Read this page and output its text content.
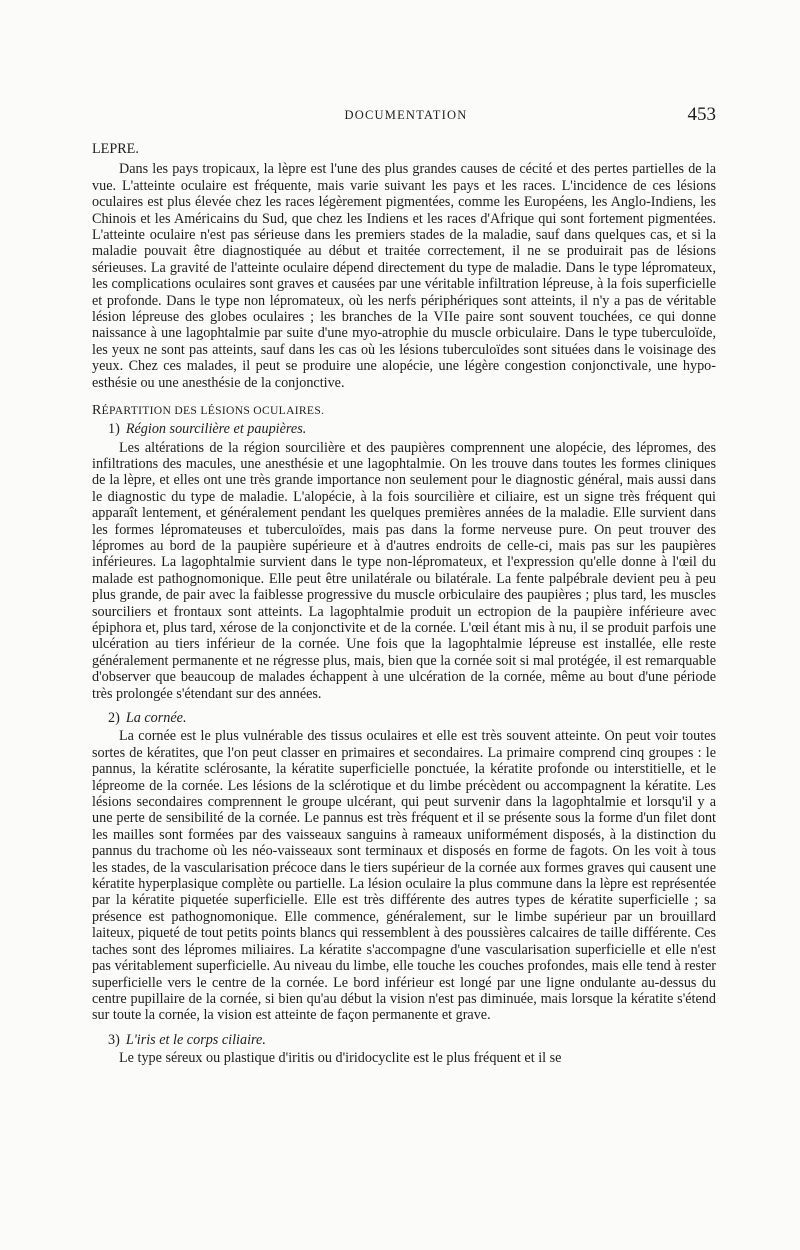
DOCUMENTATION	453
LEPRE.

Dans les pays tropicaux, la lèpre est l'une des plus grandes causes de cécité et des pertes partielles de la vue. L'atteinte oculaire est fréquente, mais varie suivant les pays et les races. L'incidence de ces lésions oculaires est plus élevée chez les races légèrement pigmentées, comme les Européens, les Anglo-Indiens, les Chinois et les Américains du Sud, que chez les Indiens et les races d'Afrique qui sont fortement pigmentées. L'atteinte oculaire n'est pas sérieuse dans les premiers stades de la maladie, sauf dans quelques cas, et si la maladie pouvait être diagnostiquée au début et traitée correctement, il ne se produirait pas de lésions sérieuses. La gravité de l'atteinte oculaire dépend directement du type de maladie. Dans le type lépromateux, les complications oculaires sont graves et causées par une véritable infiltration lépreuse, à la fois superficielle et profonde. Dans le type non lépromateux, où les nerfs périphériques sont atteints, il n'y a pas de véritable lésion lépreuse des globes oculaires ; les branches de la VIIe paire sont souvent touchées, ce qui donne naissance à une lagophtalmie par suite d'une myo-atrophie du muscle orbiculaire. Dans le type tuberculoïde, les yeux ne sont pas atteints, sauf dans les cas où les lésions tuberculoïdes sont situées dans le voisinage des yeux. Chez ces malades, il peut se produire une alopécie, une légère congestion conjonctivale, une hypo-esthésie ou une anesthésie de la conjonctive.

RÉPARTITION DES LÉSIONS OCULAIRES.
1) Région sourcilière et paupières.

Les altérations de la région sourcilière et des paupières comprennent une alopécie, des lépromes, des infiltrations des macules, une anesthésie et une lagophtalmie. On les trouve dans toutes les formes cliniques de la lèpre, et elles ont une très grande importance non seulement pour le diagnostic général, mais aussi dans le diagnostic du type de maladie. L'alopécie, à la fois sourcilière et ciliaire, est un signe très fréquent qui apparaît lentement, et généralement pendant les quelques premières années de la maladie. Elle survient dans les formes lépromateuses et tuberculoïdes, mais pas dans la forme nerveuse pure. On peut trouver des lépromes au bord de la paupière supérieure et à d'autres endroits de celle-ci, mais pas sur les paupières inférieures. La lagophtalmie survient dans le type non-lépromateux, et l'expression qu'elle donne à l'œil du malade est pathognomonique. Elle peut être unilatérale ou bilatérale. La fente palpébrale devient peu à peu plus grande, de pair avec la faiblesse progressive du muscle orbiculaire des paupières ; plus tard, les muscles sourciliers et frontaux sont atteints. La lagophtalmie produit un ectropion de la paupière inférieure avec épiphora et, plus tard, xérose de la conjonctivite et de la cornée. L'œil étant mis à nu, il se produit parfois une ulcération au tiers inférieur de la cornée. Une fois que la lagophtalmie lépreuse est installée, elle reste généralement permanente et ne régresse plus, mais, bien que la cornée soit si mal protégée, il est remarquable d'observer que beaucoup de malades échappent à une ulcération de la cornée, même au bout d'une période très prolongée s'étendant sur des années.

2) La cornée.

La cornée est le plus vulnérable des tissus oculaires et elle est très souvent atteinte. On peut voir toutes sortes de kératites, que l'on peut classer en primaires et secondaires. La primaire comprend cinq groupes : le pannus, la kératite sclérosante, la kératite superficielle ponctuée, la kératite profonde ou interstitielle, et le lépreome de la cornée. Les lésions de la sclérotique et du limbe précèdent ou accompagnent la kératite. Les lésions secondaires comprennent le groupe ulcérant, qui peut survenir dans la lagophtalmie et lorsqu'il y a une perte de sensibilité de la cornée. Le pannus est très fréquent et il se présente sous la forme d'un filet dont les mailles sont formées par des vaisseaux sanguins à rameaux uniformément disposés, à la distinction du pannus du trachome où les néo-vaisseaux sont terminaux et disposés en forme de fagots. On les voit à tous les stades, de la vascularisation précoce dans le tiers supérieur de la cornée aux formes graves qui causent une kératite hyperplasique complète ou partielle. La lésion oculaire la plus commune dans la lèpre est représentée par la kératite piquetée superficielle. Elle est très différente des autres types de kératite superficielle ; sa présence est pathognomonique. Elle commence, généralement, sur le limbe supérieur par un brouillard laiteux, piqueté de tout petits points blancs qui ressemblent à des poussières calcaires de taille différente. Ces taches sont des lépromes miliaires. La kératite s'accompagne d'une vascularisation superficielle et elle n'est pas véritablement superficielle. Au niveau du limbe, elle touche les couches profondes, mais elle tend à rester superficielle vers le centre de la cornée. Le bord inférieur est longé par une ligne ondulante au-dessus du centre pupillaire de la cornée, si bien qu'au début la vision n'est pas diminuée, mais lorsque la kératite s'étend sur toute la cornée, la vision est atteinte de façon permanente et grave.

3) L'iris et le corps ciliaire.

Le type séreux ou plastique d'iritis ou d'iridocyclite est le plus fréquent et il se
